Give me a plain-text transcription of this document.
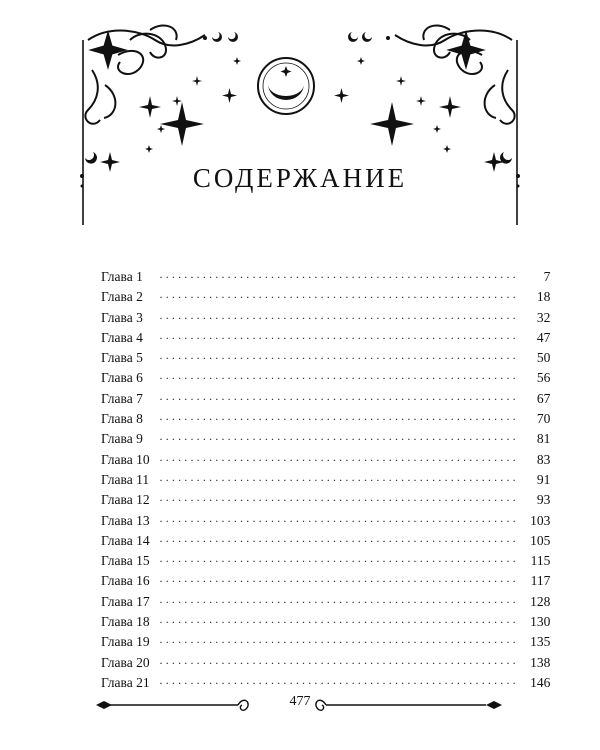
СОДЕРЖАНИЕ
Глава 1	··························································	7
Глава 2	··························································	18
Глава 3	··························································	32
Глава 4	··························································	47
Глава 5	··························································	50
Глава 6	··························································	56
Глава 7	··························································	67
Глава 8	··························································	70
Глава 9	··························································	81
Глава 10 ··························································	83
Глава 11 ··························································	91
Глава 12 ··························································	93
Глава 13 ·························································· 103
Глава 14 ·························································· 105
Глава 15 ·························································· 115
Глава 16 ·························································· 117
Глава 17 ·························································· 128
Глава 18 ·························································· 130
Глава 19 ·························································· 135
Глава 20 ·························································· 138
Глава 21 ·························································· 146
477
